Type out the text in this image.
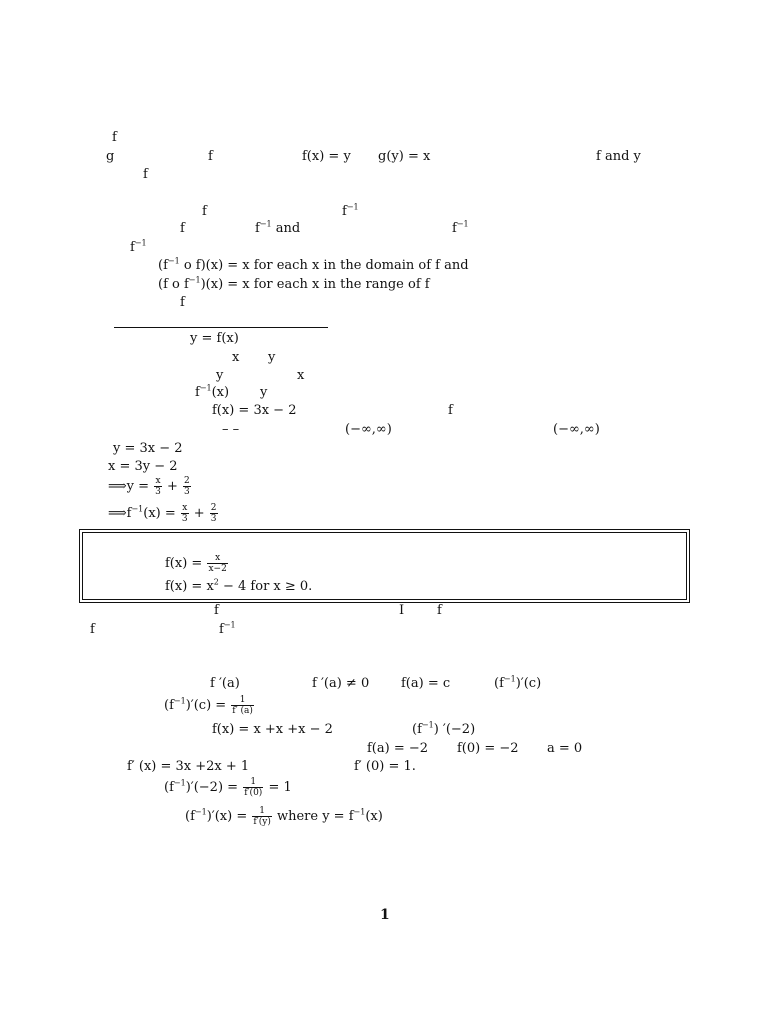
f
g	f	f(x) = y g(y) = x	f and y
f
f	$f^{-1}$
f	$f^{-1}$ and	$f^{-1}$
$f^{-1}$
($f^{-1}$ o f)(x) = x for each x in the domain of f and
(f o $f^{-1})(x) = x$ for each x in the range of f
f
y = f(x)
x y
y	x
$f^{-1}(x)$ y
f(x) = 3x − 2	f
– –	(−∞,∞)	(−∞,∞)
y = 3x − 2
x = 3y − 2
⟹y = $\frac{x}{3} + \frac{2}{3}$
$⟹f^{-1}(x) = \frac{x}{3} + \frac{2}{3}$
$f(x) = \frac{x}{x-2}$
$f(x) = x^2 - 4$ for x ≥ 0.
f	I	f
f	$f^{-1}$
f ′(a)	f ′(a) ≠ 0 f(a) = c	$(f^{-1})'(c)$
$(f^{-1})'(c) = \frac{1}{f' (a)}$
f(x) = x +x +x − 2	$(f^{-1})$ ′(−2)
f(a) = −2 f(0) = −2 a = 0
f′ (x) = 3x +2x + 1	f′ (0) = 1.
$(f^{-1})'(-2) = \frac{1}{f'(0)} = 1$
$(f^{-1})'(x) = \frac{1}{f'(y)}$ where $y = f^{-1}(x)$
1
